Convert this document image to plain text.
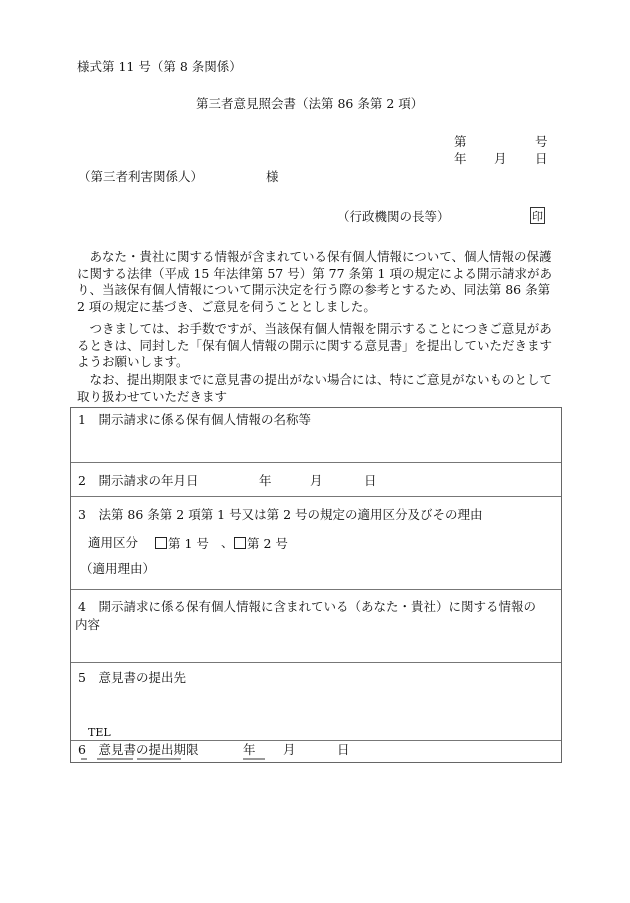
様式第 11 号（第 8 条関係）
第三者意見照会書（法第 86 条第 2 項）
第	号
年 月 日
（第三者利害関係人）	様
（行政機関の長等）	印
　あなた・貴社に関する情報が含まれている保有個人情報について、個人情報の保護に関する法律（平成 15 年法律第 57 号）第 77 条第 1 項の規定による開示請求があり、当該保有個人情報について開示決定を行う際の参考とするため、同法第 86 条第 2 項の規定に基づき、ご意見を伺うこととしました。
　つきましては、お手数ですが、当該保有個人情報を開示することにつきご意見があるときは、同封した「保有個人情報の開示に関する意見書」を提出していただきますようお願いします。
　なお、提出期限までに意見書の提出がない場合には、特にご意見がないものとして取り扱わせていただきます
1　開示請求に係る保有個人情報の名称等
2　開示請求の年月日	年	月	日
3　法第 86 条第 2 項第 1 号又は第 2 号の規定の適用区分及びその理由
適用区分	第 1 号 、	第 2 号
（適用理由）
4　開示請求に係る保有個人情報に含まれている（あなた・貴社）に関する情報の
内容
5　意見書の提出先
TEL
6　意見書の提出期限	年 月	日
